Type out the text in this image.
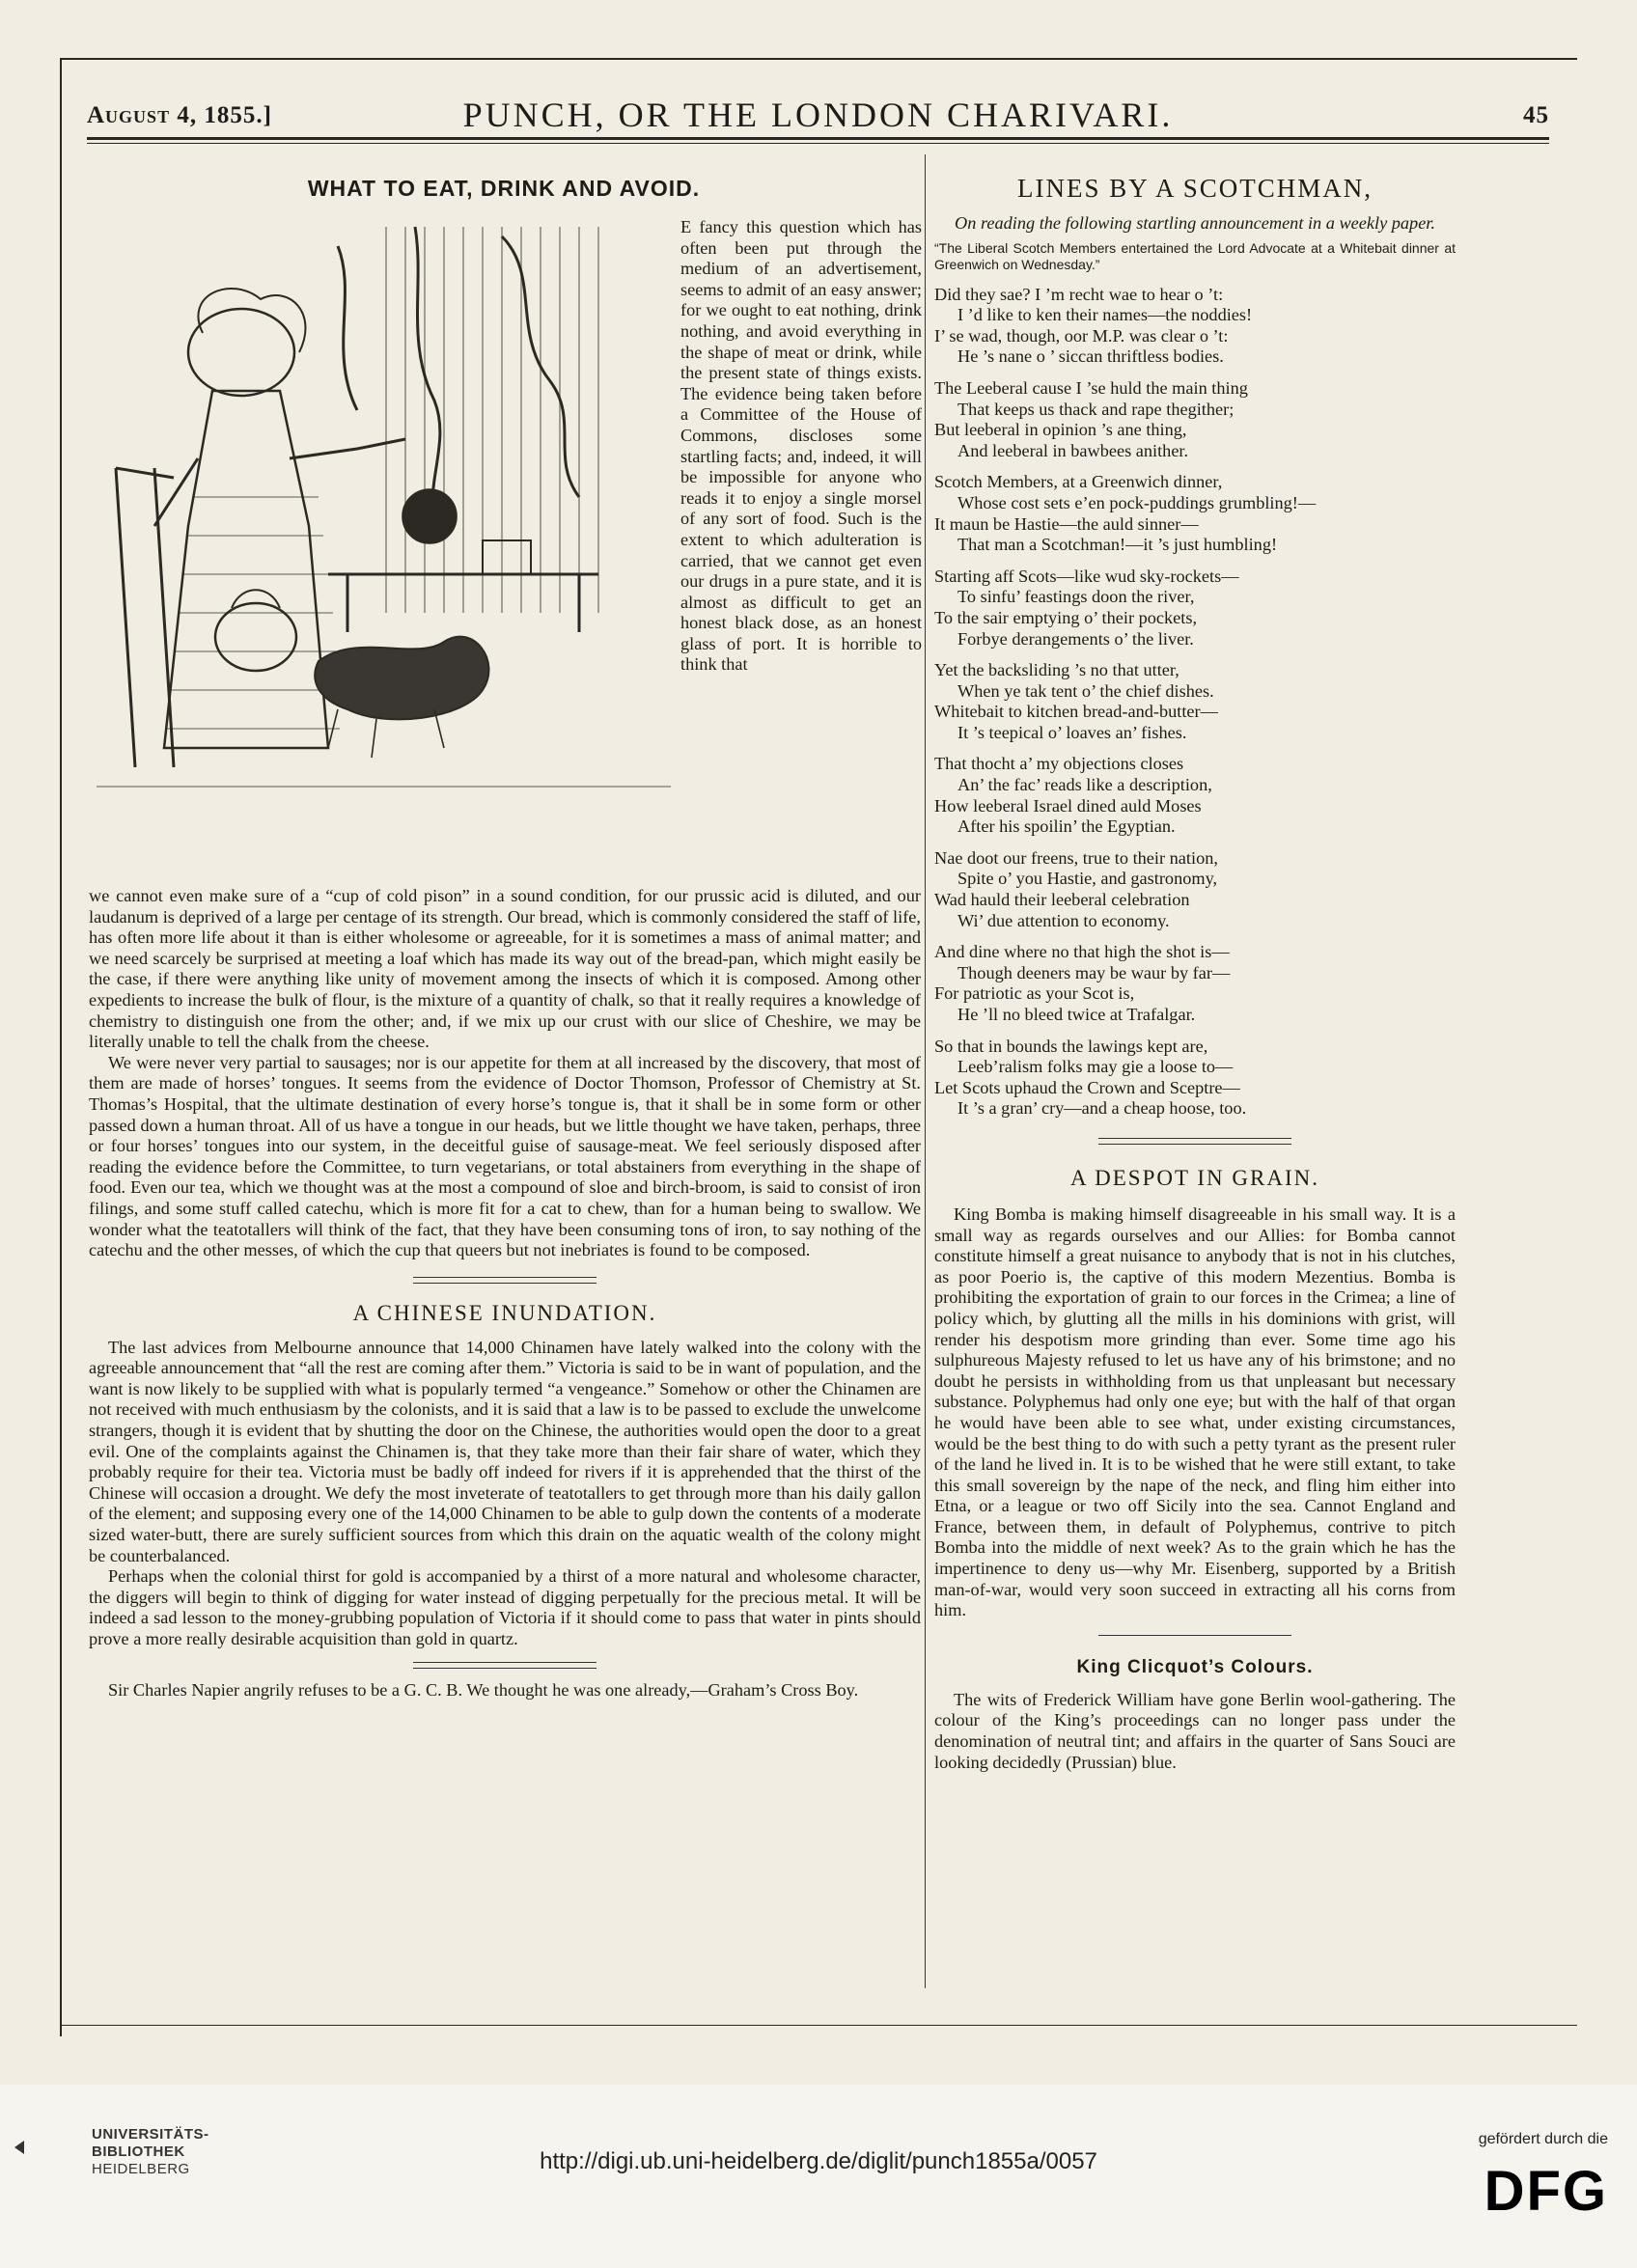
August 4, 1855.]	PUNCH, OR THE LONDON CHARIVARI.	45
WHAT TO EAT, DRINK AND AVOID.

E fancy this question which has often been put through the medium of an advertisement, seems to admit of an easy answer; for we ought to eat nothing, drink nothing, and avoid everything in the shape of meat or drink, while the present state of things exists. The evidence being taken before a Committee of the House of Commons, discloses some startling facts; and, indeed, it will be impossible for anyone who reads it to enjoy a single morsel of any sort of food. Such is the extent to which adulteration is carried, that we cannot get even our drugs in a pure state, and it is almost as difficult to get an honest black dose, as an honest glass of port. It is horrible to think that

we cannot even make sure of a “cup of cold pison” in a sound condition, for our prussic acid is diluted, and our laudanum is deprived of a large per centage of its strength. Our bread, which is commonly considered the staff of life, has often more life about it than is either wholesome or agreeable, for it is sometimes a mass of animal matter; and we need scarcely be surprised at meeting a loaf which has made its way out of the bread-pan, which might easily be the case, if there were anything like unity of movement among the insects of which it is composed. Among other expedients to increase the bulk of flour, is the mixture of a quantity of chalk, so that it really requires a knowledge of chemistry to distinguish one from the other; and, if we mix up our crust with our slice of Cheshire, we may be literally unable to tell the chalk from the cheese.

We were never very partial to sausages; nor is our appetite for them at all increased by the discovery, that most of them are made of horses’ tongues. It seems from the evidence of Doctor Thomson, Professor of Chemistry at St. Thomas’s Hospital, that the ultimate destination of every horse’s tongue is, that it shall be in some form or other passed down a human throat. All of us have a tongue in our heads, but we little thought we have taken, perhaps, three or four horses’ tongues into our system, in the deceitful guise of sausage-meat. We feel seriously disposed after reading the evidence before the Committee, to turn vegetarians, or total abstainers from everything in the shape of food. Even our tea, which we thought was at the most a compound of sloe and birch-broom, is said to consist of iron filings, and some stuff called catechu, which is more fit for a cat to chew, than for a human being to swallow. We wonder what the teatotallers will think of the fact, that they have been consuming tons of iron, to say nothing of the catechu and the other messes, of which the cup that queers but not inebriates is found to be composed.

A CHINESE INUNDATION.

The last advices from Melbourne announce that 14,000 Chinamen have lately walked into the colony with the agreeable announcement that “all the rest are coming after them.” Victoria is said to be in want of population, and the want is now likely to be supplied with what is popularly termed “a vengeance.” Somehow or other the Chinamen are not received with much enthusiasm by the colonists, and it is said that a law is to be passed to exclude the unwelcome strangers, though it is evident that by shutting the door on the Chinese, the authorities would open the door to a great evil. One of the complaints against the Chinamen is, that they take more than their fair share of water, which they probably require for their tea. Victoria must be badly off indeed for rivers if it is apprehended that the thirst of the Chinese will occasion a drought. We defy the most inveterate of teatotallers to get through more than his daily gallon of the element; and supposing every one of the 14,000 Chinamen to be able to gulp down the contents of a moderate sized water-butt, there are surely sufficient sources from which this drain on the aquatic wealth of the colony might be counterbalanced.

Perhaps when the colonial thirst for gold is accompanied by a thirst of a more natural and wholesome character, the diggers will begin to think of digging for water instead of digging perpetually for the precious metal. It will be indeed a sad lesson to the money-grubbing population of Victoria if it should come to pass that water in pints should prove a more really desirable acquisition than gold in quartz.

Sir Charles Napier angrily refuses to be a G. C. B. We thought he was one already,—Graham’s Cross Boy.

LINES BY A SCOTCHMAN,

On reading the following startling announcement in a weekly paper.

“The Liberal Scotch Members entertained the Lord Advocate at a Whitebait dinner at Greenwich on Wednesday.”

Did they sae? I ’m recht wae to hear o ’t:

I ’d like to ken their names—the noddies!

I’ se wad, though, oor M.P. was clear o ’t:

He ’s nane o ’ siccan thriftless bodies.

The Leeberal cause I ’se huld the main thing

That keeps us thack and rape thegither;

But leeberal in opinion ’s ane thing,

And leeberal in bawbees anither.

Scotch Members, at a Greenwich dinner,

Whose cost sets e’en pock-puddings grumbling!—

It maun be Hastie—the auld sinner—

That man a Scotchman!—it ’s just humbling!

Starting aff Scots—like wud sky-rockets—

To sinfu’ feastings doon the river,

To the sair emptying o’ their pockets,

Forbye derangements o’ the liver.

Yet the backsliding ’s no that utter,

When ye tak tent o’ the chief dishes.

Whitebait to kitchen bread-and-butter—

It ’s teepical o’ loaves an’ fishes.

That thocht a’ my objections closes

An’ the fac’ reads like a description,

How leeberal Israel dined auld Moses

After his spoilin’ the Egyptian.

Nae doot our freens, true to their nation,

Spite o’ you Hastie, and gastronomy,

Wad hauld their leeberal celebration

Wi’ due attention to economy.

And dine where no that high the shot is—

Though deeners may be waur by far—

For patriotic as your Scot is,

He ’ll no bleed twice at Trafalgar.

So that in bounds the lawings kept are,

Leeb’ralism folks may gie a loose to—

Let Scots uphaud the Crown and Sceptre—

It ’s a gran’ cry—and a cheap hoose, too.

A DESPOT IN GRAIN.

King Bomba is making himself disagreeable in his small way. It is a small way as regards ourselves and our Allies: for Bomba cannot constitute himself a great nuisance to anybody that is not in his clutches, as poor Poerio is, the captive of this modern Mezentius. Bomba is prohibiting the exportation of grain to our forces in the Crimea; a line of policy which, by glutting all the mills in his dominions with grist, will render his despotism more grinding than ever. Some time ago his sulphureous Majesty refused to let us have any of his brimstone; and no doubt he persists in withholding from us that unpleasant but necessary substance. Polyphemus had only one eye; but with the half of that organ he would have been able to see what, under existing circumstances, would be the best thing to do with such a petty tyrant as the present ruler of the land he lived in. It is to be wished that he were still extant, to take this small sovereign by the nape of the neck, and fling him either into Etna, or a league or two off Sicily into the sea. Cannot England and France, between them, in default of Polyphemus, contrive to pitch Bomba into the middle of next week? As to the grain which he has the impertinence to deny us—why Mr. Eisenberg, supported by a British man-of-war, would very soon succeed in extracting all his corns from him.

King Clicquot’s Colours.

The wits of Frederick William have gone Berlin wool-gathering. The colour of the King’s proceedings can no longer pass under the denomination of neutral tint; and affairs in the quarter of Sans Souci are looking decidedly (Prussian) blue.

UNIVERSITÄTS-
BIBLIOTHEK
HEIDELBERG	http://digi.ub.uni-heidelberg.de/diglit/punch1855a/0057
gefördert durch die
DFG
